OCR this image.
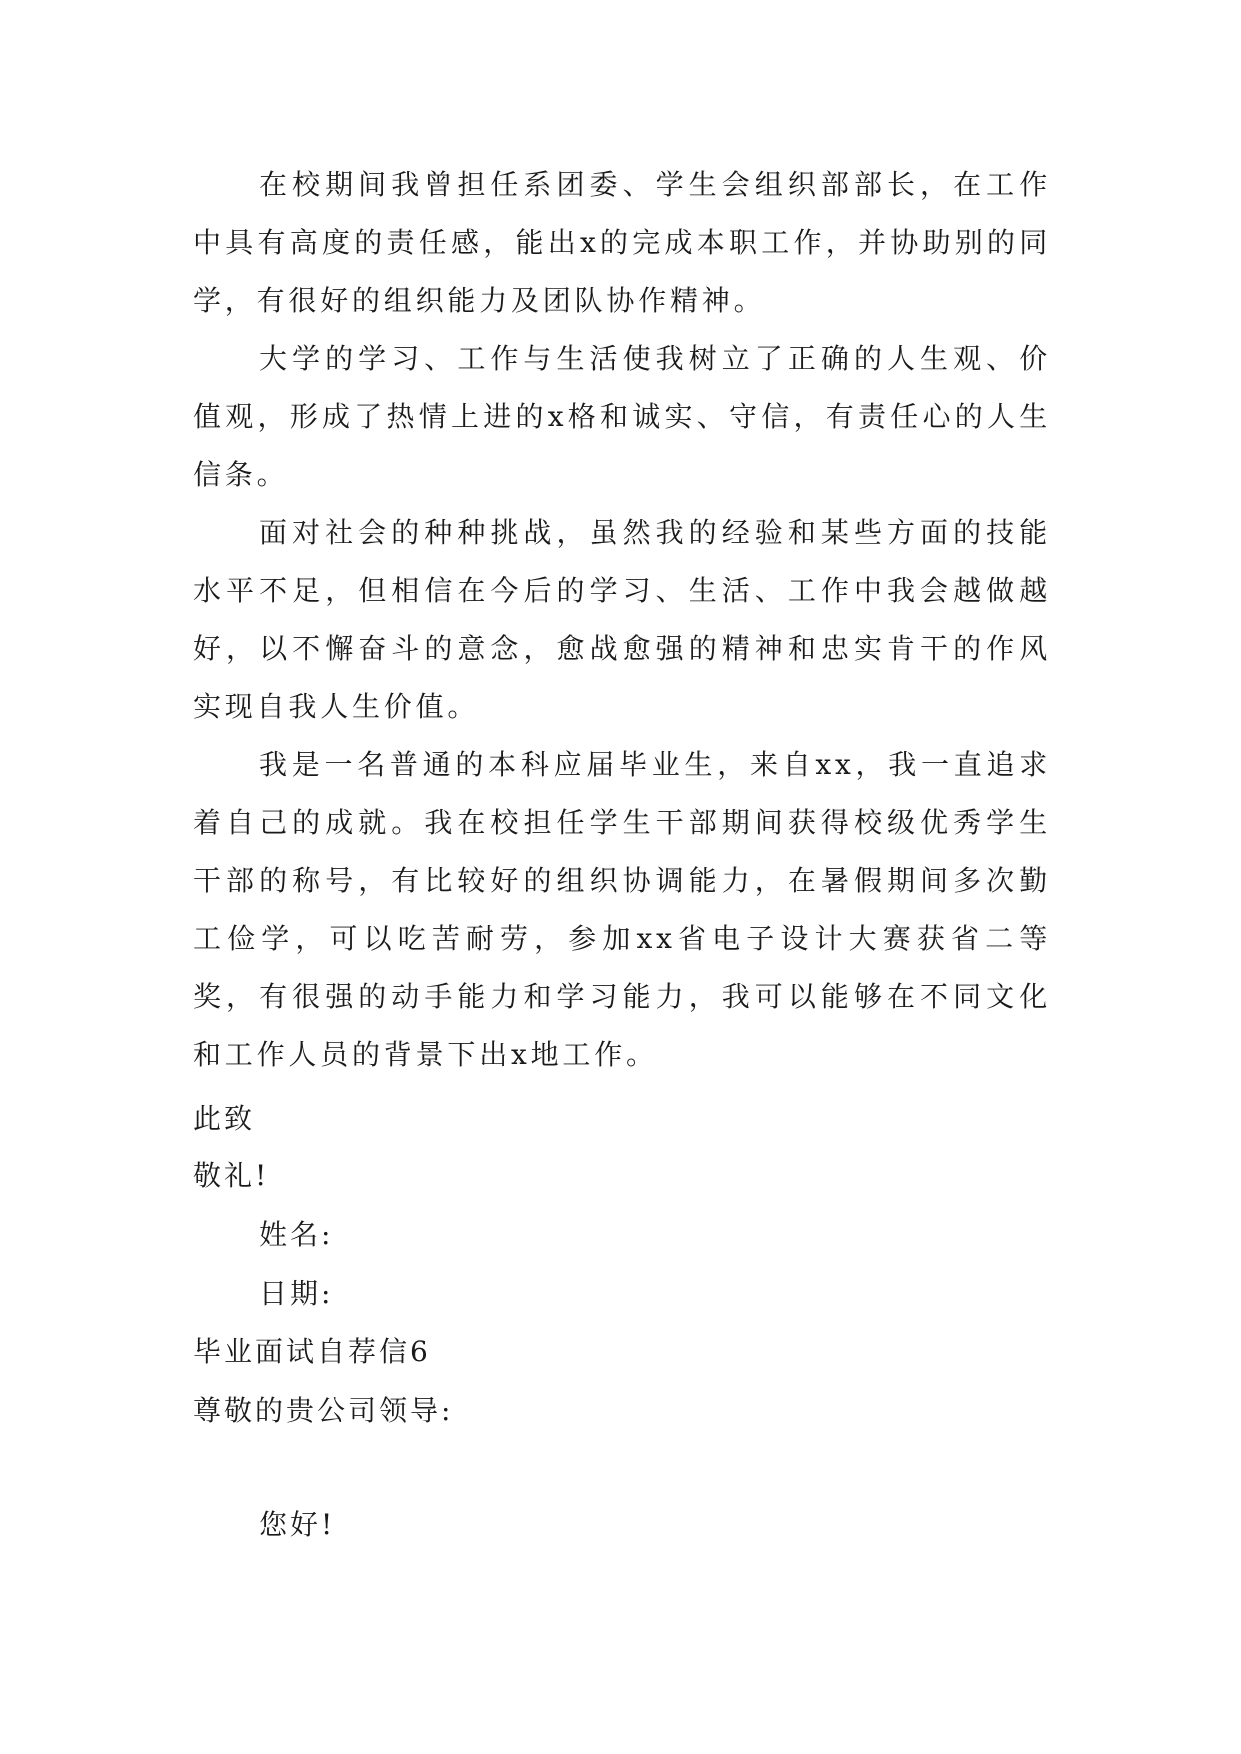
在校期间我曾担任系团委、学生会组织部部长，在工作中具有高度的责任感，能出x的完成本职工作，并协助别的同学，有很好的组织能力及团队协作精神。

大学的学习、工作与生活使我树立了正确的人生观、价值观，形成了热情上进的x格和诚实、守信，有责任心的人生信条。

面对社会的种种挑战，虽然我的经验和某些方面的技能水平不足，但相信在今后的学习、生活、工作中我会越做越好，以不懈奋斗的意念，愈战愈强的精神和忠实肯干的作风实现自我人生价值。

我是一名普通的本科应届毕业生，来自xx，我一直追求着自己的成就。我在校担任学生干部期间获得校级优秀学生干部的称号，有比较好的组织协调能力，在暑假期间多次勤工俭学，可以吃苦耐劳，参加xx省电子设计大赛获省二等奖，有很强的动手能力和学习能力，我可以能够在不同文化和工作人员的背景下出x地工作。

此致
敬礼!
姓名:
日期:
毕业面试自荐信6
尊敬的贵公司领导:
您好!
